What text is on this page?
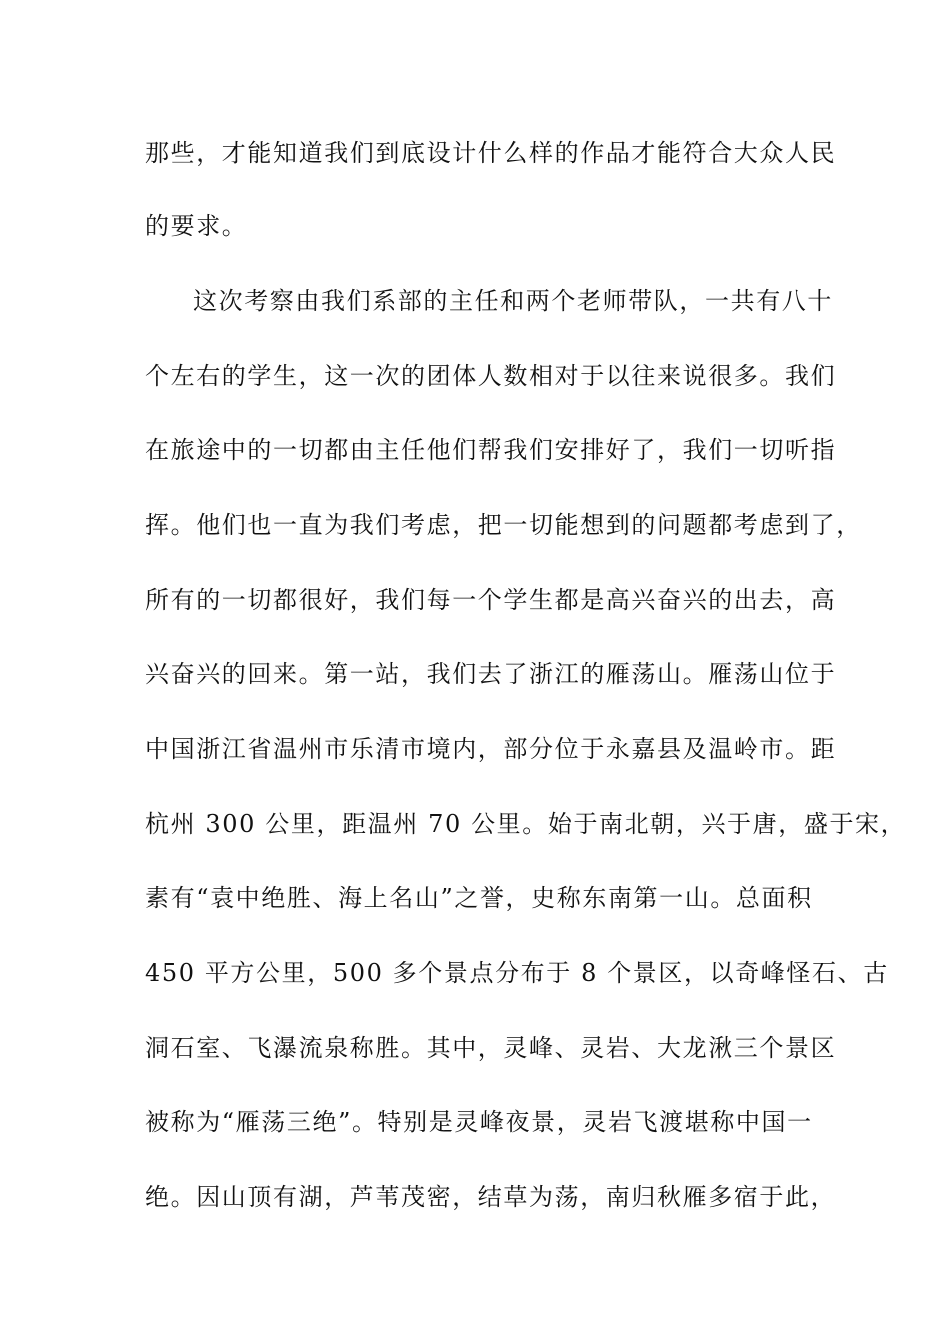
那些，才能知道我们到底设计什么样的作品才能符合大众人民
的要求。
这次考察由我们系部的主任和两个老师带队，一共有八十
个左右的学生，这一次的团体人数相对于以往来说很多。我们
在旅途中的一切都由主任他们帮我们安排好了，我们一切听指
挥。他们也一直为我们考虑，把一切能想到的问题都考虑到了，
所有的一切都很好，我们每一个学生都是高兴奋兴的出去，高
兴奋兴的回来。第一站，我们去了浙江的雁荡山。雁荡山位于
中国浙江省温州市乐清市境内，部分位于永嘉县及温岭市。距
杭州 300 公里，距温州 70 公里。始于南北朝，兴于唐，盛于宋，
素有“袁中绝胜、海上名山”之誉，史称东南第一山。总面积
450 平方公里，500 多个景点分布于 8 个景区，以奇峰怪石、古
洞石室、飞瀑流泉称胜。其中，灵峰、灵岩、大龙湫三个景区
被称为“雁荡三绝”。特别是灵峰夜景，灵岩飞渡堪称中国一
绝。因山顶有湖，芦苇茂密，结草为荡，南归秋雁多宿于此，
